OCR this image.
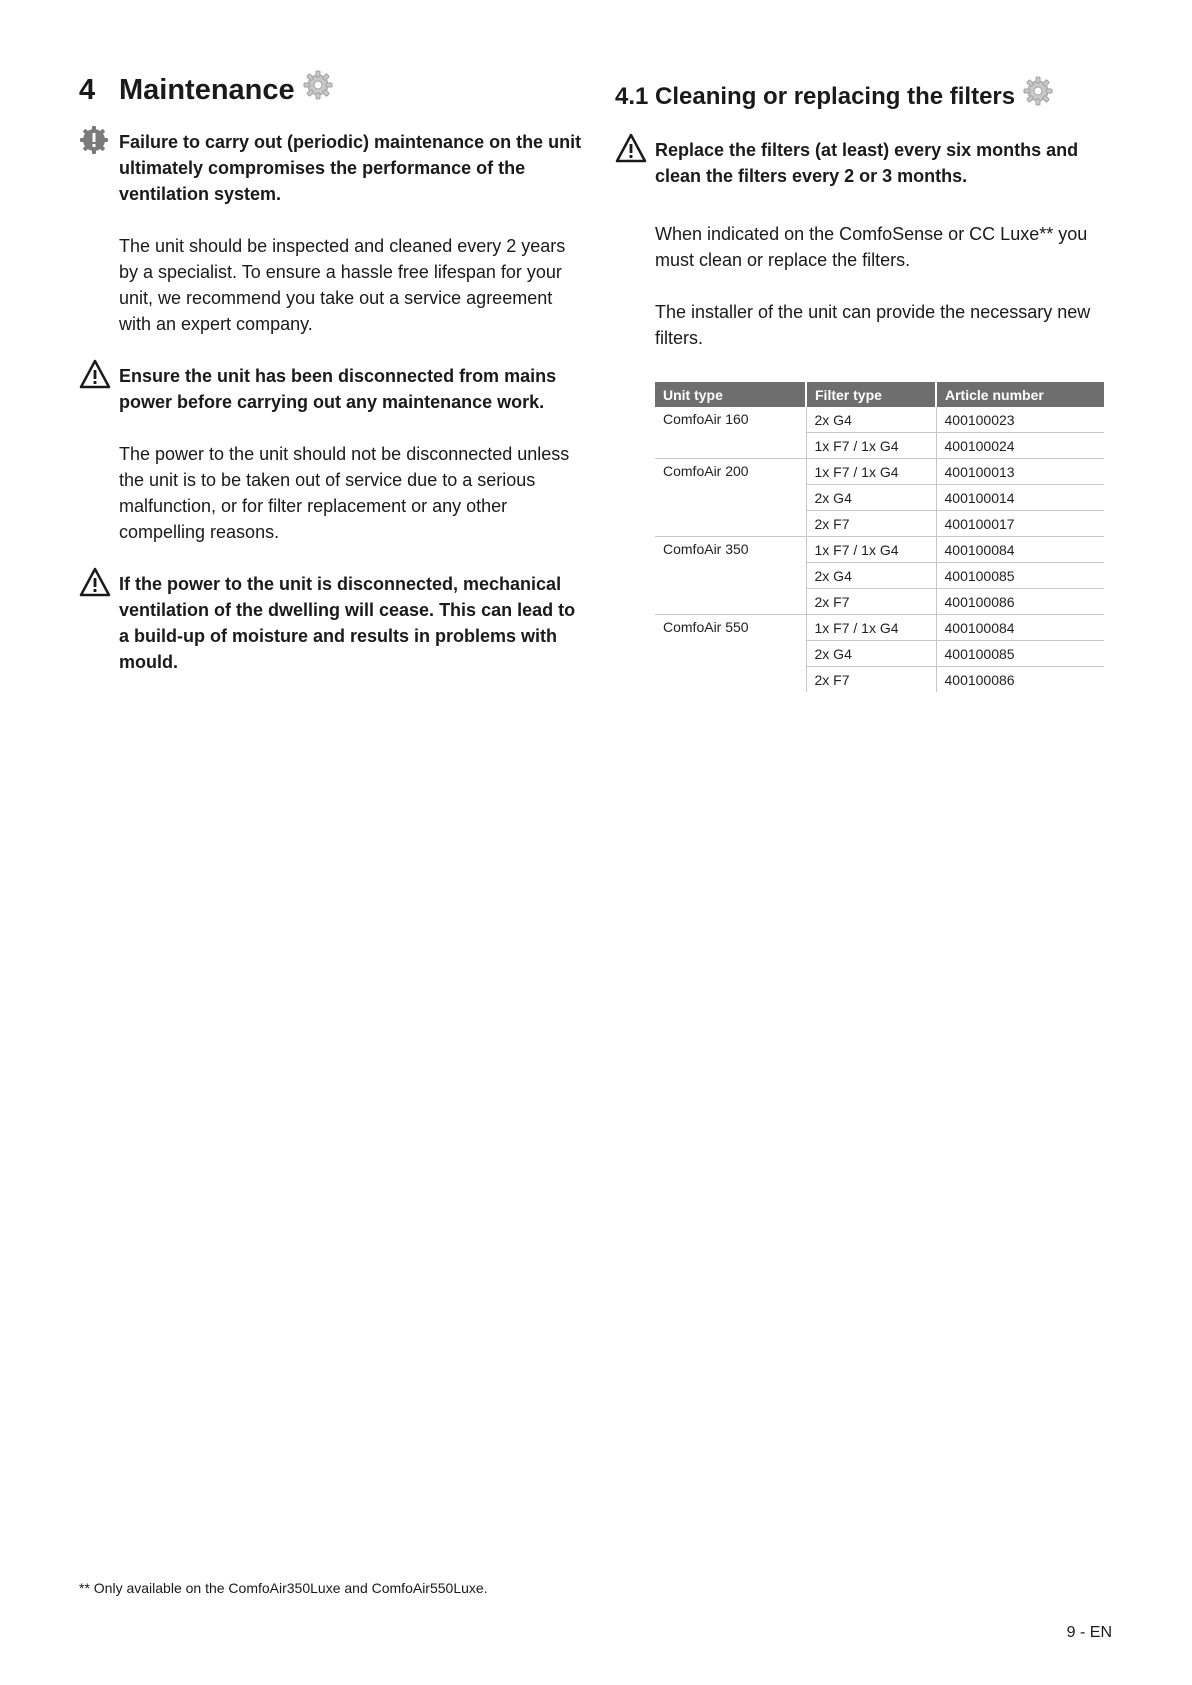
4 Maintenance

Failure to carry out (periodic) maintenance on the unit ultimately compromises the performance of the ventilation system.

The unit should be inspected and cleaned every 2 years by a specialist. To ensure a hassle free lifespan for your unit, we recommend you take out a service agreement with an expert company.

Ensure the unit has been disconnected from mains power before carrying out any maintenance work.

The power to the unit should not be disconnected unless the unit is to be taken out of service due to a serious malfunction, or for filter replacement or any other compelling reasons.

If the power to the unit is disconnected, mechanical ventilation of the dwelling will cease. This can lead to a build-up of moisture and results in problems with mould.

4.1 Cleaning or replacing the filters

Replace the filters (at least) every six months and clean the filters every 2 or 3 months.

When indicated on the ComfoSense or CC Luxe** you must clean or replace the filters.

The installer of the unit can provide the necessary new filters.

Unit type	Filter type	Article number
ComfoAir 160	2x G4	400100023
	1x F7 / 1x G4	400100024
ComfoAir 200	1x F7 / 1x G4	400100013
	2x G4	400100014
	2x F7	400100017
ComfoAir 350	1x F7 / 1x G4	400100084
	2x G4	400100085
	2x F7	400100086
ComfoAir 550	1x F7 / 1x G4	400100084
	2x G4	400100085
	2x F7	400100086
** Only available on the ComfoAir350Luxe and ComfoAir550Luxe.
9 - EN
